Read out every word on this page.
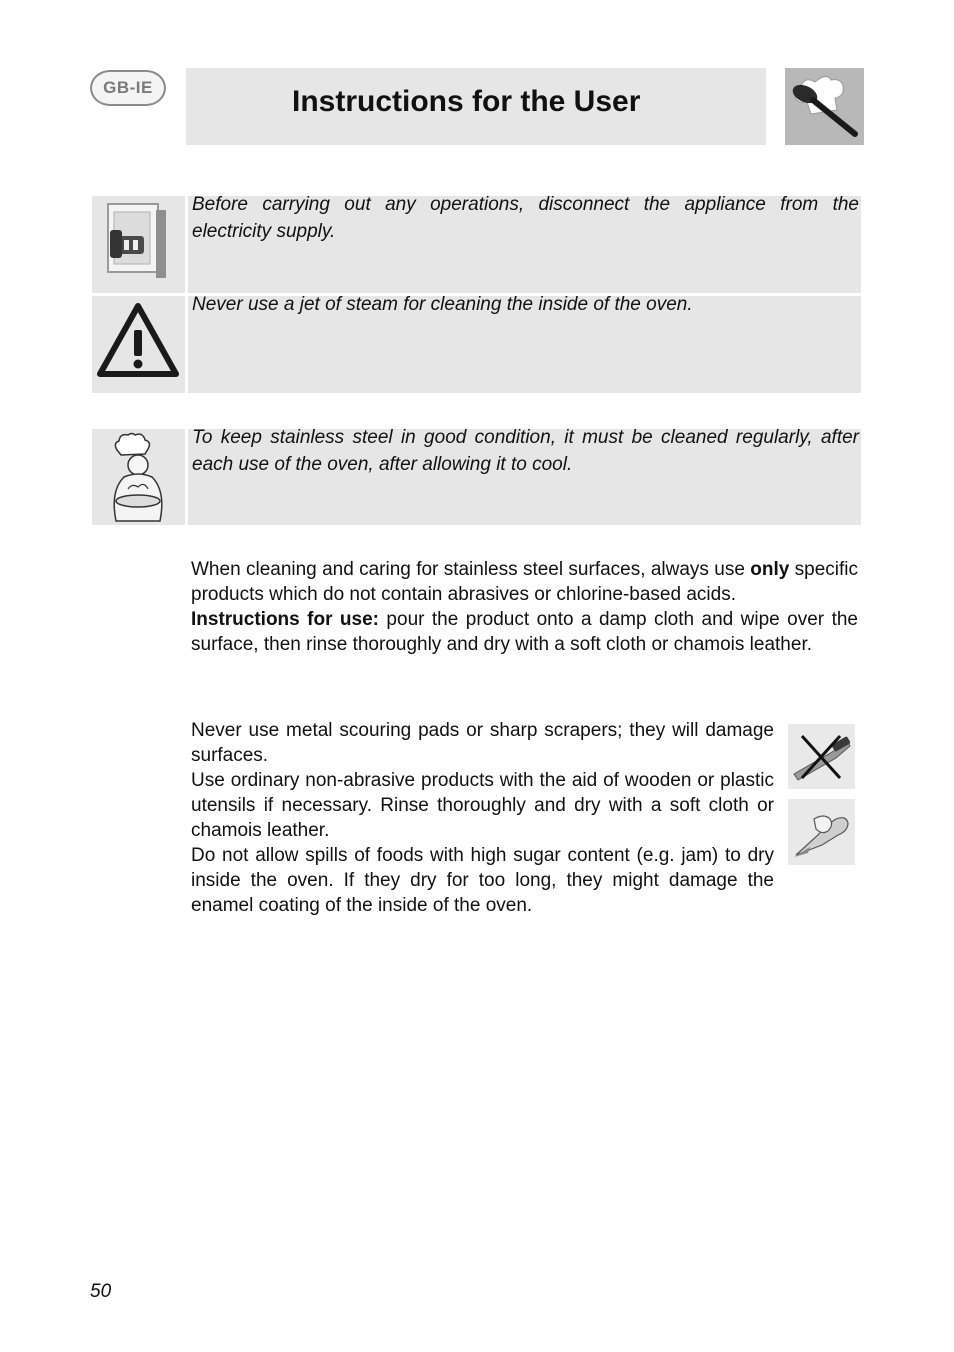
GB-IE	Instructions for the User
Before carrying out any operations, disconnect the appliance from the electricity supply.
Never use a jet of steam for cleaning the inside of the oven.
To keep stainless steel in good condition, it must be cleaned regularly, after each use of the oven, after allowing it to cool.
When cleaning and caring for stainless steel surfaces, always use only specific products which do not contain abrasives or chlorine-based acids.
Instructions for use: pour the product onto a damp cloth and wipe over the surface, then rinse thoroughly and dry with a soft cloth or chamois leather.
Never use metal scouring pads or sharp scrapers; they will damage surfaces.
Use ordinary non-abrasive products with the aid of wooden or plastic utensils if necessary. Rinse thoroughly and dry with a soft cloth or chamois leather.
Do not allow spills of foods with high sugar content (e.g. jam) to dry inside the oven. If they dry for too long, they might damage the enamel coating of the inside of the oven.
50
